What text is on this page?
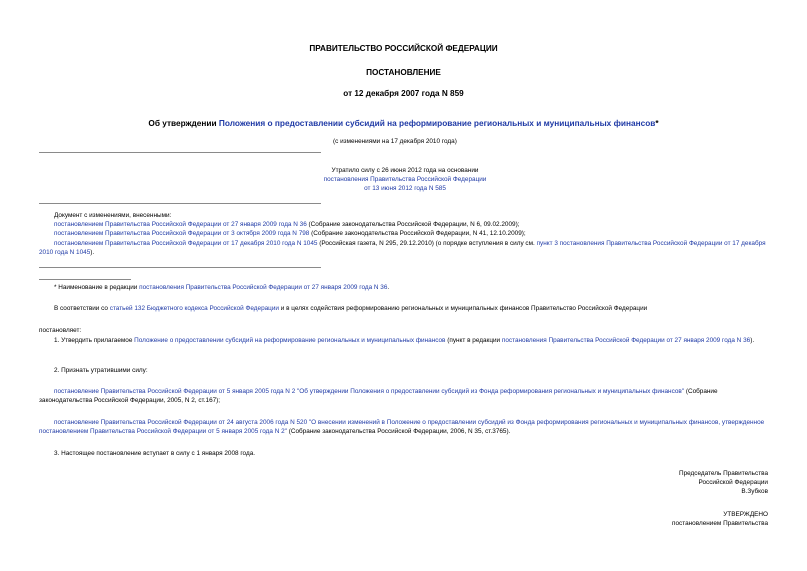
ПРАВИТЕЛЬСТВО РОССИЙСКОЙ ФЕДЕРАЦИИ
ПОСТАНОВЛЕНИЕ
от 12 декабря 2007 года N 859
Об утверждении Положения о предоставлении субсидий на реформирование региональных и муниципальных финансов*
(с изменениями на 17 декабря 2010 года)
Утратило силу с 26 июня 2012 года на основании
постановления Правительства Российской Федерации
от 13 июня 2012 года N 585
Документ с изменениями, внесенными:
постановлением Правительства Российской Федерации от 27 января 2009 года N 36 (Собрание законодательства Российской Федерации, N 6, 09.02.2009);
постановлением Правительства Российской Федерации от 3 октября 2009 года N 798 (Собрание законодательства Российской Федерации, N 41, 12.10.2009);
постановлением Правительства Российской Федерации от 17 декабря 2010 года N 1045 (Российская газета, N 295, 29.12.2010) (о порядке вступления в силу см. пункт 3 постановления Правительства Российской Федерации от 17 декабря 2010 года N 1045).
* Наименование в редакции постановления Правительства Российской Федерации от 27 января 2009 года N 36.
В соответствии со статьей 132 Бюджетного кодекса Российской Федерации и в целях содействия реформированию региональных и муниципальных финансов Правительство Российской Федерации
постановляет:
1. Утвердить прилагаемое Положение о предоставлении субсидий на реформирование региональных и муниципальных финансов (пункт в редакции постановления Правительства Российской Федерации от 27 января 2009 года N 36).
2. Признать утратившими силу:
постановление Правительства Российской Федерации от 5 января 2005 года N 2 "Об утверждении Положения о предоставлении субсидий из Фонда реформирования региональных и муниципальных финансов" (Собрание законодательства Российской Федерации, 2005, N 2, ст.167);
постановление Правительства Российской Федерации от 24 августа 2006 года N 520 "О внесении изменений в Положение о предоставлении субсидий из Фонда реформирования региональных и муниципальных финансов, утвержденное постановлением Правительства Российской Федерации от 5 января 2005 года N 2" (Собрание законодательства Российской Федерации, 2006, N 35, ст.3765).
3. Настоящее постановление вступает в силу с 1 января 2008 года.
Председатель Правительства
Российской Федерации
В.Зубков
УТВЕРЖДЕНО
постановлением Правительства
